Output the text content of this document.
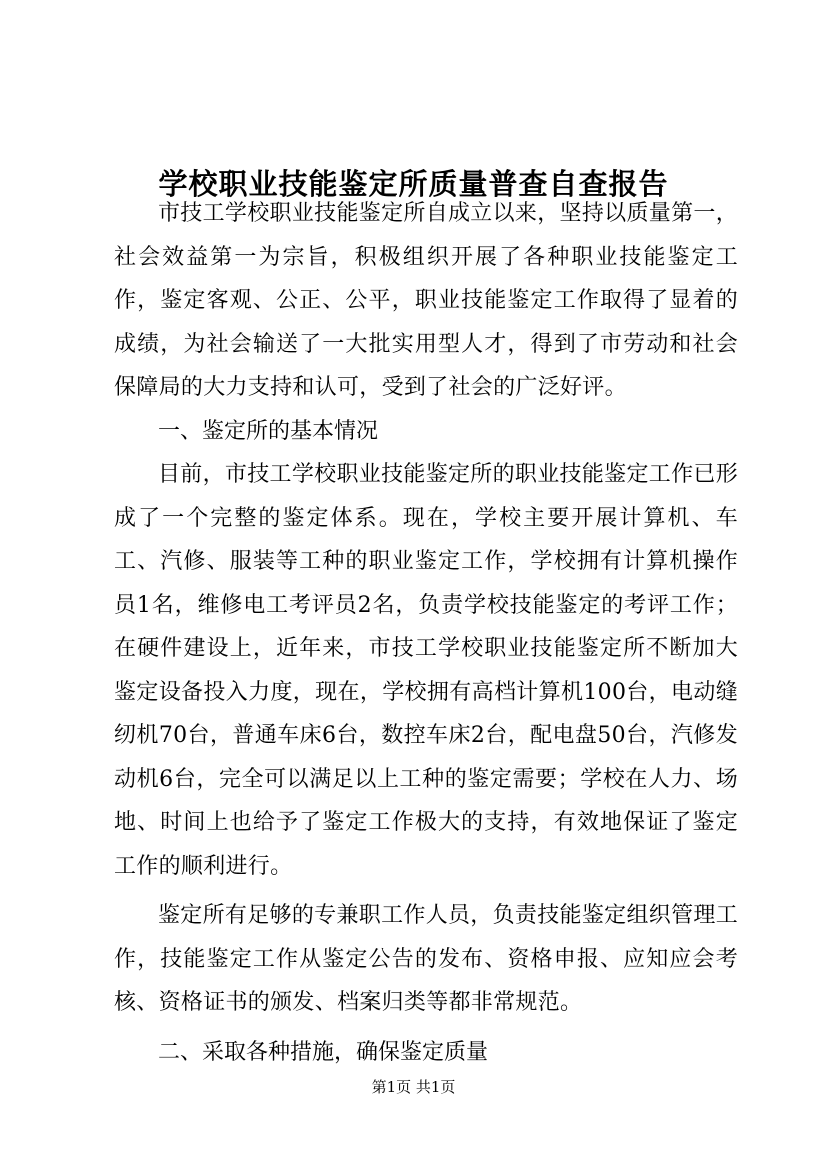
学校职业技能鉴定所质量普查自查报告

市技工学校职业技能鉴定所自成立以来，坚持以质量第一，社会效益第一为宗旨，积极组织开展了各种职业技能鉴定工作，鉴定客观、公正、公平，职业技能鉴定工作取得了显着的成绩，为社会输送了一大批实用型人才，得到了市劳动和社会保障局的大力支持和认可，受到了社会的广泛好评。

一、鉴定所的基本情况

目前，市技工学校职业技能鉴定所的职业技能鉴定工作已形成了一个完整的鉴定体系。现在，学校主要开展计算机、车工、汽修、服装等工种的职业鉴定工作，学校拥有计算机操作员1名，维修电工考评员2名，负责学校技能鉴定的考评工作；在硬件建设上，近年来，市技工学校职业技能鉴定所不断加大鉴定设备投入力度，现在，学校拥有高档计算机100台，电动缝纫机70台，普通车床6台，数控车床2台，配电盘50台，汽修发动机6台，完全可以满足以上工种的鉴定需要；学校在人力、场地、时间上也给予了鉴定工作极大的支持，有效地保证了鉴定工作的顺利进行。

鉴定所有足够的专兼职工作人员，负责技能鉴定组织管理工作，技能鉴定工作从鉴定公告的发布、资格申报、应知应会考核、资格证书的颁发、档案归类等都非常规范。

二、采取各种措施，确保鉴定质量

第1页 共1页
